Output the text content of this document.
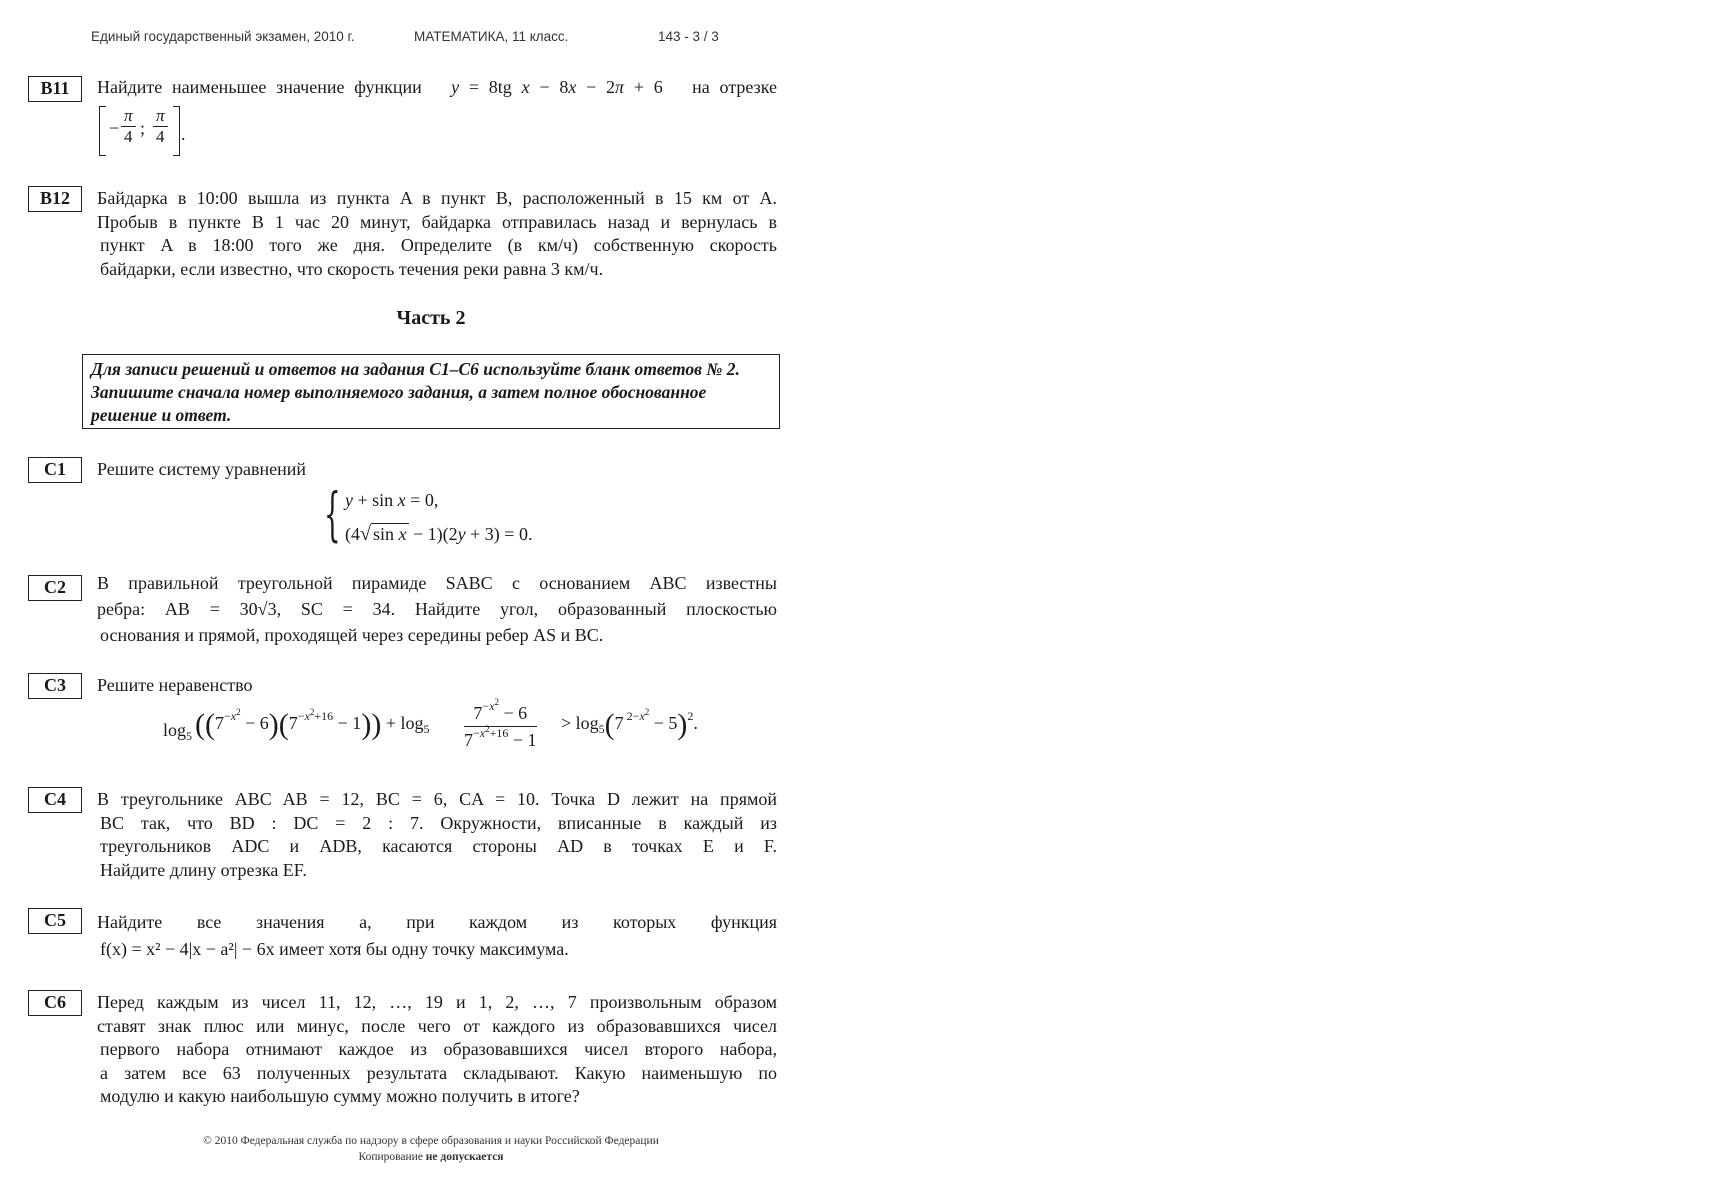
Единый государственный экзамен, 2010 г.	МАТЕМАТИКА, 11 класс.	143 - 3 / 3
B11	Найдите наименьшее значение функции y = 8tg x − 8x − 2π + 6 на отрезке
− $\frac{\pi}{4}$ ; $\frac{\pi}{4}$ .
B12	Байдарка в 10:00 вышла из пункта A в пункт B, расположенный в 15 км от A.
Пробыв в пункте B 1 час 20 минут, байдарка отправилась назад и вернулась в
пункт A в 18:00 того же дня. Определите (в км/ч) собственную скорость
байдарки, если известно, что скорость течения реки равна 3 км/ч.
Часть 2
Для записи решений и ответов на задания С1–С6 используйте бланк ответов № 2. Запишите сначала номер выполняемого задания, а затем полное обоснованное решение и ответ.
C1	Решите систему уравнений
{ y + sin x = 0,
(4√ sin x − 1)(2y + 3) = 0.
C2	В правильной треугольной пирамиде SABC с основанием ABC известны
ребра: AB = 30√3, SC = 34. Найдите угол, образованный плоскостью
основания и прямой, проходящей через середины ребер AS и BC.
C3	Решите неравенство
$\log_5 ((7^{-x^2} - 6)(7^{-x^2+16} - 1)) + \log_5 \frac{7^{-x^2} - 6}{7^{-x^2+16} - 1} > \log_5(7$ $^{2-x^2}$ − 5)$^2$.
C4	В треугольнике ABC AB = 12, BC = 6, CA = 10. Точка D лежит на прямой
BC так, что BD : DC = 2 : 7. Окружности, вписанные в каждый из
треугольников ADC и ADB, касаются стороны AD в точках E и F.
Найдите длину отрезка EF.
C5	Найдите все значения a, при каждом из которых функция
f(x) = x² − 4|x − a²| − 6x имеет хотя бы одну точку максимума.
C6	Перед каждым из чисел 11, 12, …, 19 и 1, 2, …, 7 произвольным образом
ставят знак плюс или минус, после чего от каждого из образовавшихся чисел
первого набора отнимают каждое из образовавшихся чисел второго набора,
а затем все 63 полученных результата складывают. Какую наименьшую по
модулю и какую наибольшую сумму можно получить в итоге?
© 2010 Федеральная служба по надзору в сфере образования и науки Российской Федерации
Копирование не допускается
